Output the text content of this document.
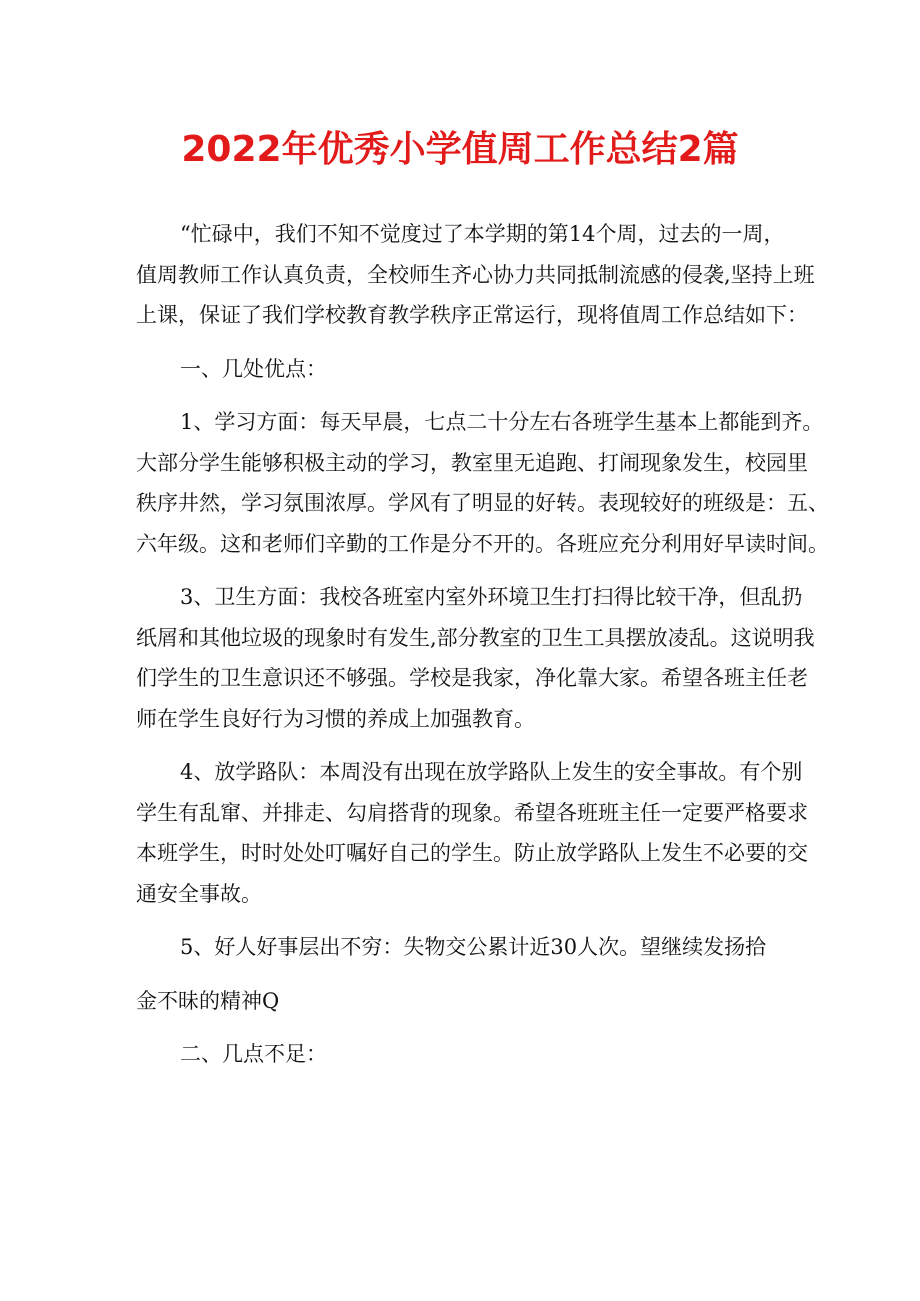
2022年优秀小学值周工作总结2篇

“忙碌中，我们不知不觉度过了本学期的第14个周，过去的一周，
值周教师工作认真负责，全校师生齐心协力共同抵制流感的侵袭,坚持上班
上课，保证了我们学校教育教学秩序正常运行，现将值周工作总结如下：

一、几处优点：

1、学习方面：每天早晨，七点二十分左右各班学生基本上都能到齐。
大部分学生能够积极主动的学习，教室里无追跑、打闹现象发生，校园里
秩序井然，学习氛围浓厚。学风有了明显的好转。表现较好的班级是：五、
六年级。这和老师们辛勤的工作是分不开的。各班应充分利用好早读时间。

3、卫生方面：我校各班室内室外环境卫生打扫得比较干净，但乱扔
纸屑和其他垃圾的现象时有发生,部分教室的卫生工具摆放凌乱。这说明我
们学生的卫生意识还不够强。学校是我家，净化靠大家。希望各班主任老
师在学生良好行为习惯的养成上加强教育。

4、放学路队：本周没有出现在放学路队上发生的安全事故。有个别
学生有乱窜、并排走、勾肩搭背的现象。希望各班班主任一定要严格要求
本班学生，时时处处叮嘱好自己的学生。防止放学路队上发生不必要的交
通安全事故。

5、好人好事层出不穷：失物交公累计近30人次。望继续发扬拾

金不昧的精神Q

二、几点不足：
